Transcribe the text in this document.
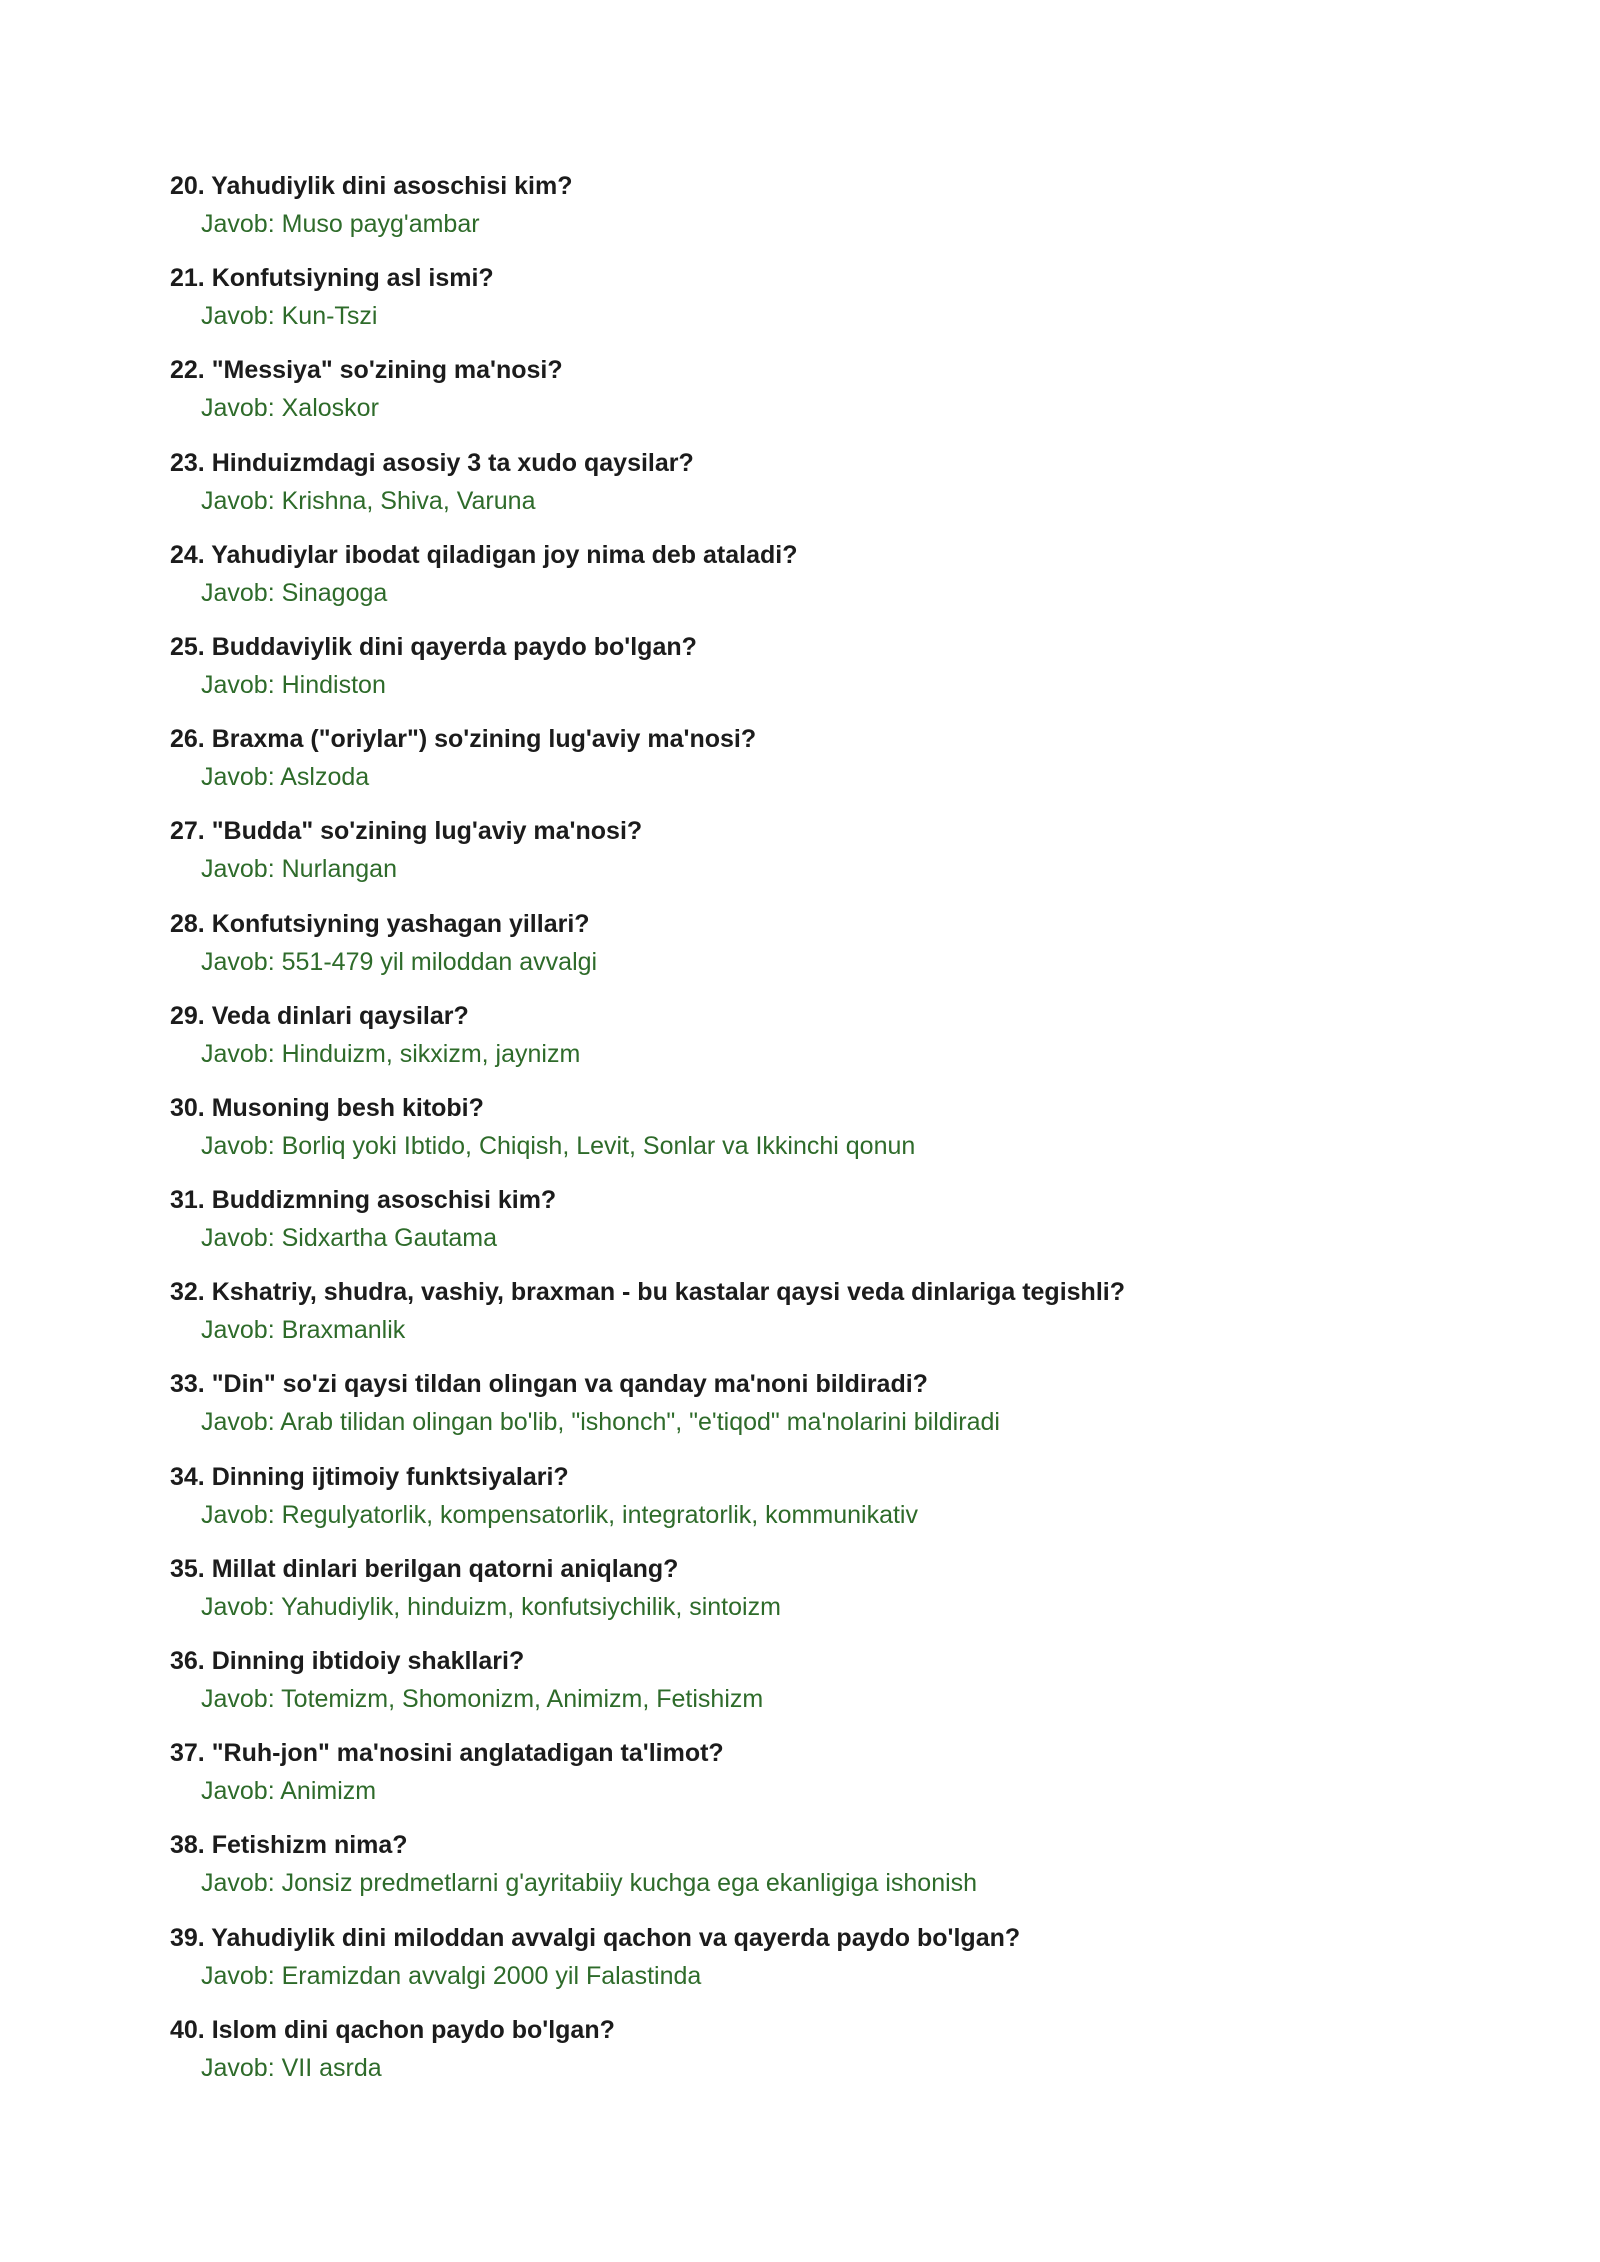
20. Yahudiylik dini asoschisi kim?
Javob: Muso payg'ambar
21. Konfutsiyning asl ismi?
Javob: Kun-Tszi
22. "Messiya" so'zining ma'nosi?
Javob: Xaloskor
23. Hinduizmdagi asosiy 3 ta xudo qaysilar?
Javob: Krishna, Shiva, Varuna
24. Yahudiylar ibodat qiladigan joy nima deb ataladi?
Javob: Sinagoga
25. Buddaviylik dini qayerda paydo bo'lgan?
Javob: Hindiston
26. Braxma ("oriylar") so'zining lug'aviy ma'nosi?
Javob: Aslzoda
27. "Budda" so'zining lug'aviy ma'nosi?
Javob: Nurlangan
28. Konfutsiyning yashagan yillari?
Javob: 551-479 yil miloddan avvalgi
29. Veda dinlari qaysilar?
Javob: Hinduizm, sikxizm, jaynizm
30. Musoning besh kitobi?
Javob: Borliq yoki Ibtido, Chiqish, Levit, Sonlar va Ikkinchi qonun
31. Buddizmning asoschisi kim?
Javob: Sidxartha Gautama
32. Kshatriy, shudra, vashiy, braxman - bu kastalar qaysi veda dinlariga tegishli?
Javob: Braxmanlik
33. "Din" so'zi qaysi tildan olingan va qanday ma'noni bildiradi?
Javob: Arab tilidan olingan bo'lib, "ishonch", "e'tiqod" ma'nolarini bildiradi
34. Dinning ijtimoiy funktsiyalari?
Javob: Regulyatorlik, kompensatorlik, integratorlik, kommunikativ
35. Millat dinlari berilgan qatorni aniqlang?
Javob: Yahudiylik, hinduizm, konfutsiychilik, sintoizm
36. Dinning ibtidoiy shakllari?
Javob: Totemizm, Shomonizm, Animizm, Fetishizm
37. "Ruh-jon" ma'nosini anglatadigan ta'limot?
Javob: Animizm
38. Fetishizm nima?
Javob: Jonsiz predmetlarni g'ayritabiiy kuchga ega ekanligiga ishonish
39. Yahudiylik dini miloddan avvalgi qachon va qayerda paydo bo'lgan?
Javob: Eramizdan avvalgi 2000 yil Falastinda
40. Islom dini qachon paydo bo'lgan?
Javob: VII asrda
